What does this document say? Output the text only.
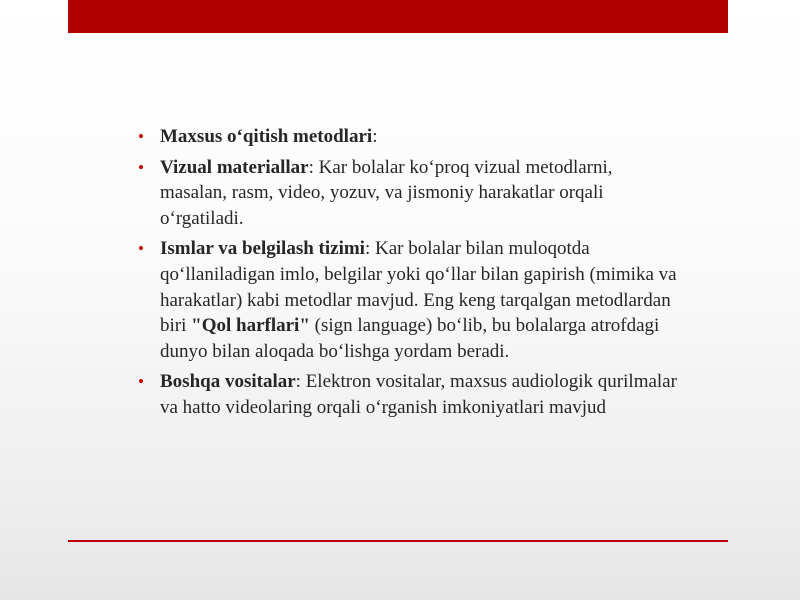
• Maxsus o‘qitish metodlari:
• Vizual materiallar: Kar bolalar ko‘proq vizual metodlarni, masalan, rasm, video, yozuv, va jismoniy harakatlar orqali o‘rgatiladi.
• Ismlar va belgilash tizimi: Kar bolalar bilan muloqotda qo‘llaniladigan imlo, belgilar yoki qo‘llar bilan gapirish (mimika va harakatlar) kabi metodlar mavjud. Eng keng tarqalgan metodlardan biri "Qol harflari" (sign language) bo‘lib, bu bolalarga atrofdagi dunyo bilan aloqada bo‘lishga yordam beradi.
• Boshqa vositalar: Elektron vositalar, maxsus audiologik qurilmalar va hatto videolaring orqali o‘rganish imkoniyatlari mavjud
